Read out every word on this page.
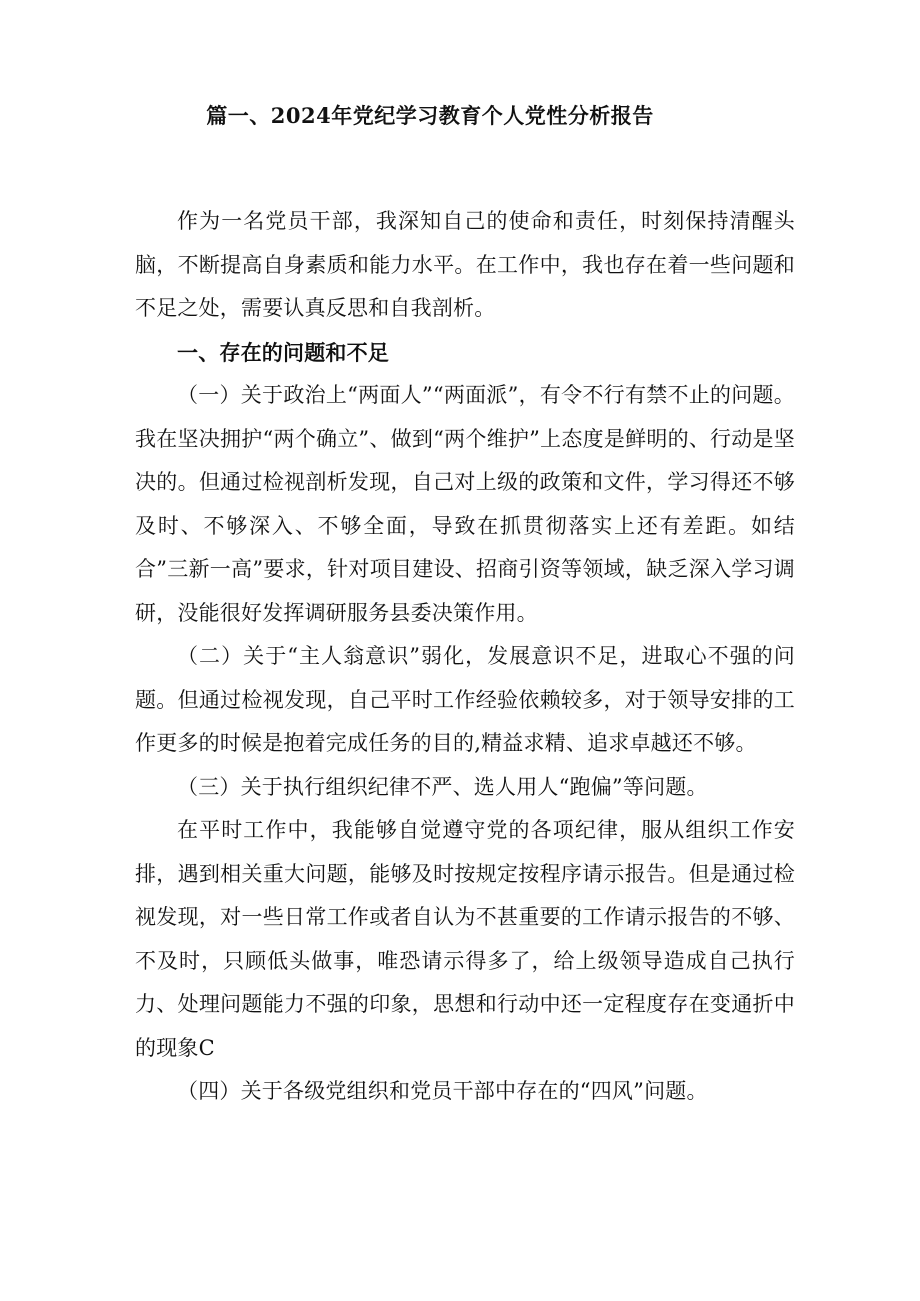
篇一、2024年党纪学习教育个人党性分析报告

作为一名党员干部，我深知自己的使命和责任，时刻保持清醒头脑，不断提高自身素质和能力水平。在工作中，我也存在着一些问题和不足之处，需要认真反思和自我剖析。

一、存在的问题和不足

（一）关于政治上“两面人”“两面派”，有令不行有禁不止的问题。我在坚决拥护“两个确立”、做到“两个维护”上态度是鲜明的、行动是坚决的。但通过检视剖析发现，自己对上级的政策和文件，学习得还不够及时、不够深入、不够全面，导致在抓贯彻落实上还有差距。如结合”三新一高”要求，针对项目建设、招商引资等领域，缺乏深入学习调研，没能很好发挥调研服务县委决策作用。

（二）关于“主人翁意识”弱化，发展意识不足，进取心不强的问题。但通过检视发现，自己平时工作经验依赖较多，对于领导安排的工作更多的时候是抱着完成任务的目的,精益求精、追求卓越还不够。

（三）关于执行组织纪律不严、选人用人“跑偏”等问题。

在平时工作中，我能够自觉遵守党的各项纪律，服从组织工作安排，遇到相关重大问题，能够及时按规定按程序请示报告。但是通过检视发现，对一些日常工作或者自认为不甚重要的工作请示报告的不够、不及时，只顾低头做事，唯恐请示得多了，给上级领导造成自己执行力、处理问题能力不强的印象，思想和行动中还一定程度存在变通折中的现象C

（四）关于各级党组织和党员干部中存在的“四风”问题。
